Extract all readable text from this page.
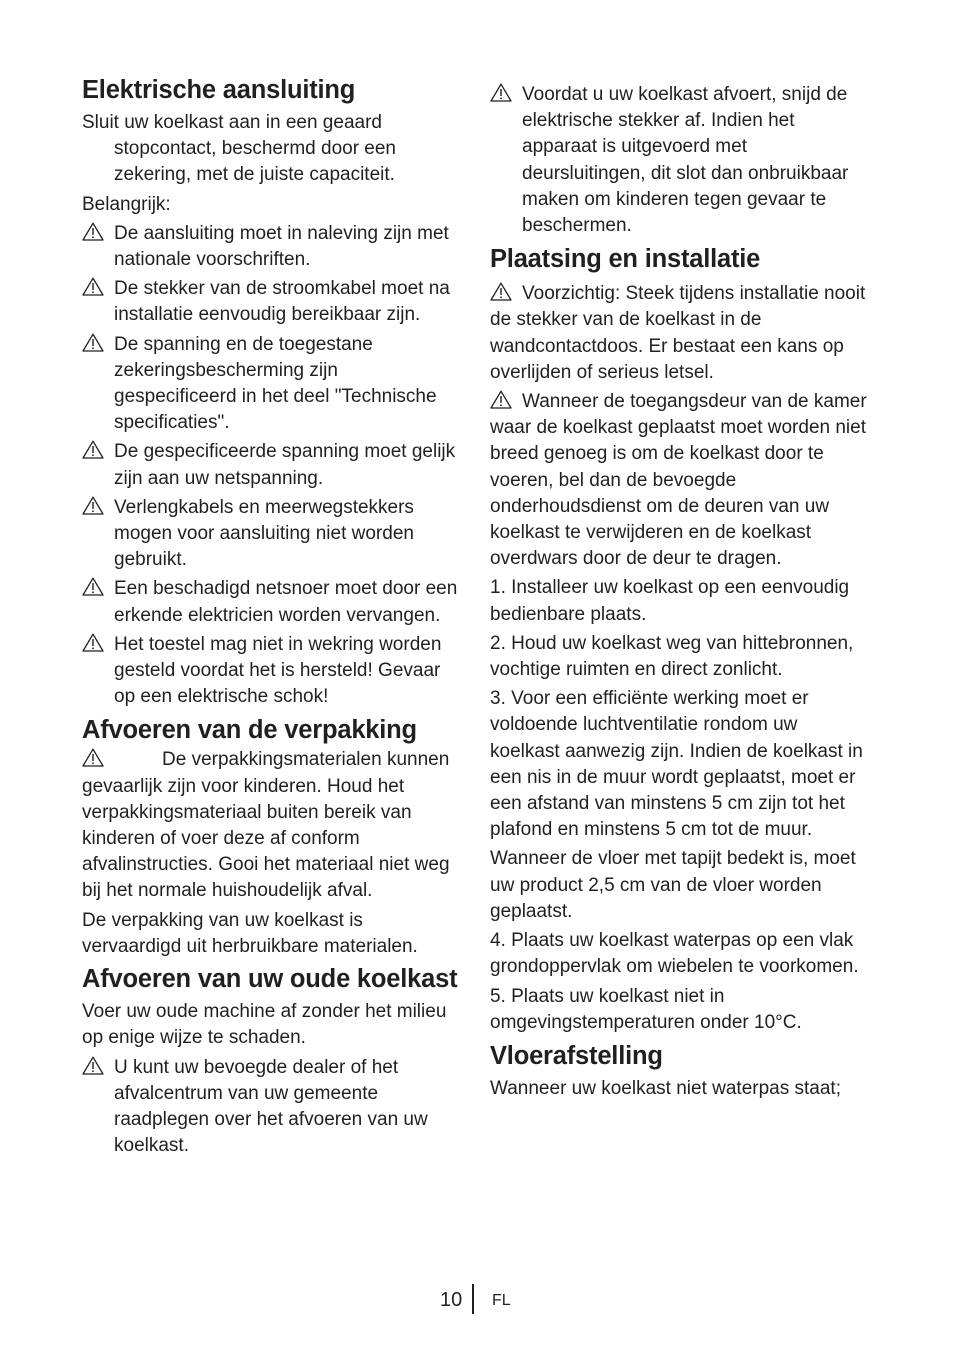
Elektrische aansluiting

Sluit uw koelkast aan in een geaard stopcontact, beschermd door een zekering, met de juiste capaciteit.

Belangrijk:

De aansluiting moet in naleving zijn met nationale voorschriften.

De stekker van de stroomkabel moet na installatie eenvoudig bereikbaar zijn.

De spanning en de toegestane zekeringsbescherming zijn gespecificeerd in het deel "Technische specificaties".

De gespecificeerde spanning moet gelijk zijn aan uw netspanning.

Verlengkabels en meerwegstekkers mogen voor aansluiting niet worden gebruikt.

Een beschadigd netsnoer moet door een erkende elektricien worden vervangen.

Het toestel mag niet in wekring worden gesteld voordat het is hersteld! Gevaar op een elektrische schok!

Afvoeren van de verpakking

De verpakkingsmaterialen kunnen gevaarlijk zijn voor kinderen. Houd het verpakkingsmateriaal buiten bereik van kinderen of voer deze af conform afvalinstructies. Gooi het materiaal niet weg bij het normale huishoudelijk afval.

De verpakking van uw koelkast is vervaardigd uit herbruikbare materialen.

Afvoeren van uw oude koelkast

Voer uw oude machine af zonder het milieu op enige wijze te schaden.

U kunt uw bevoegde dealer of het afvalcentrum van uw gemeente raadplegen over het afvoeren van uw koelkast.

Voordat u uw koelkast afvoert, snijd de elektrische stekker af. Indien het apparaat is uitgevoerd met deursluitingen, dit slot dan onbruikbaar maken om kinderen tegen gevaar te beschermen.

Plaatsing en installatie

Voorzichtig: Steek tijdens installatie nooit de stekker van de koelkast in de wandcontactdoos. Er bestaat een kans op overlijden of serieus letsel.

Wanneer de toegangsdeur van de kamer waar de koelkast geplaatst moet worden niet breed genoeg is om de koelkast door te voeren, bel dan de bevoegde onderhoudsdienst om de deuren van uw koelkast te verwijderen en de koelkast overdwars door de deur te dragen.

1. Installeer uw koelkast op een eenvoudig bedienbare plaats.

2. Houd uw koelkast weg van hittebronnen, vochtige ruimten en direct zonlicht.

3. Voor een efficiënte werking moet er voldoende luchtventilatie rondom uw koelkast aanwezig zijn. Indien de koelkast in een nis in de muur wordt geplaatst, moet er een afstand van minstens 5 cm zijn tot het plafond en minstens 5 cm tot de muur.

Wanneer de vloer met tapijt bedekt is, moet uw product 2,5 cm van de vloer worden geplaatst.

4. Plaats uw koelkast waterpas op een vlak grondoppervlak om wiebelen te voorkomen.

5. Plaats uw koelkast niet in omgevingstemperaturen onder 10°C.

Vloerafstelling

Wanneer uw koelkast niet waterpas staat;

10 FL
